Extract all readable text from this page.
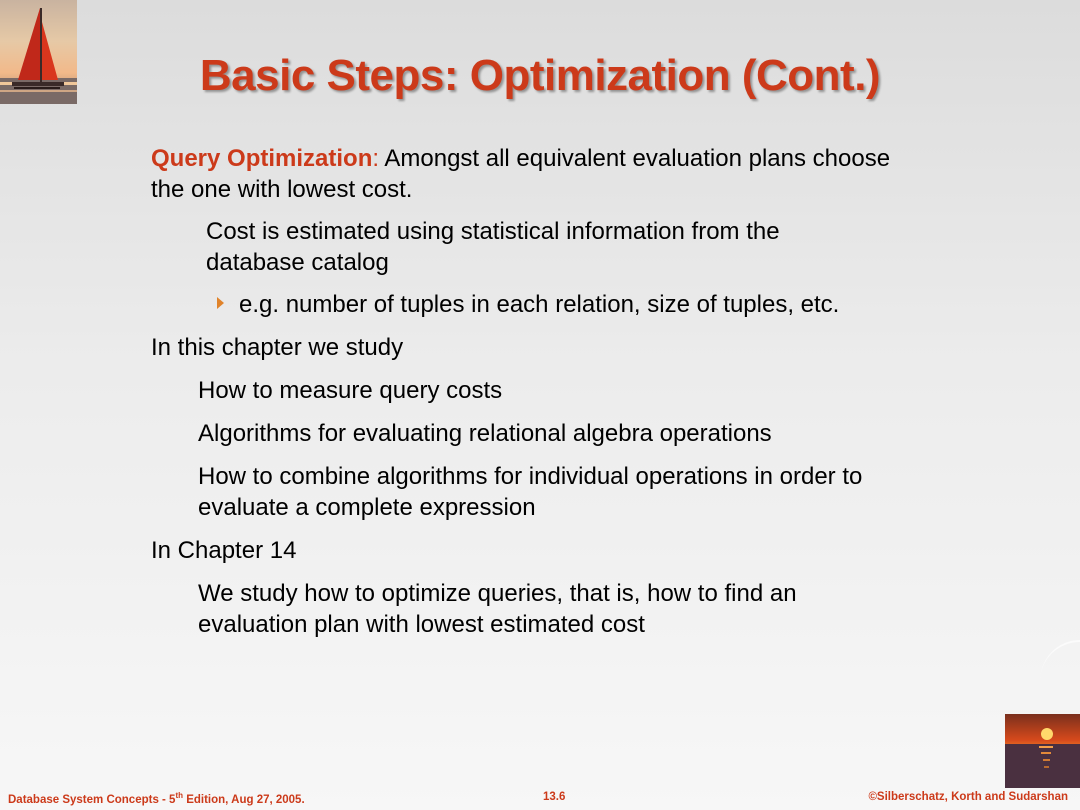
Basic Steps: Optimization (Cont.)
Query Optimization: Amongst all equivalent evaluation plans choose
the one with lowest cost.
Cost is estimated using statistical information from the
database catalog
e.g. number of tuples in each relation, size of tuples, etc.
In this chapter we study
How to measure query costs
Algorithms for evaluating relational algebra operations
How to combine algorithms for individual operations in order to
evaluate a complete expression
In Chapter 14
We study how to optimize queries, that is, how to find an
evaluation plan with lowest estimated cost
Database System Concepts - 5th Edition, Aug 27, 2005.	13.6	©Silberschatz, Korth and Sudarshan
